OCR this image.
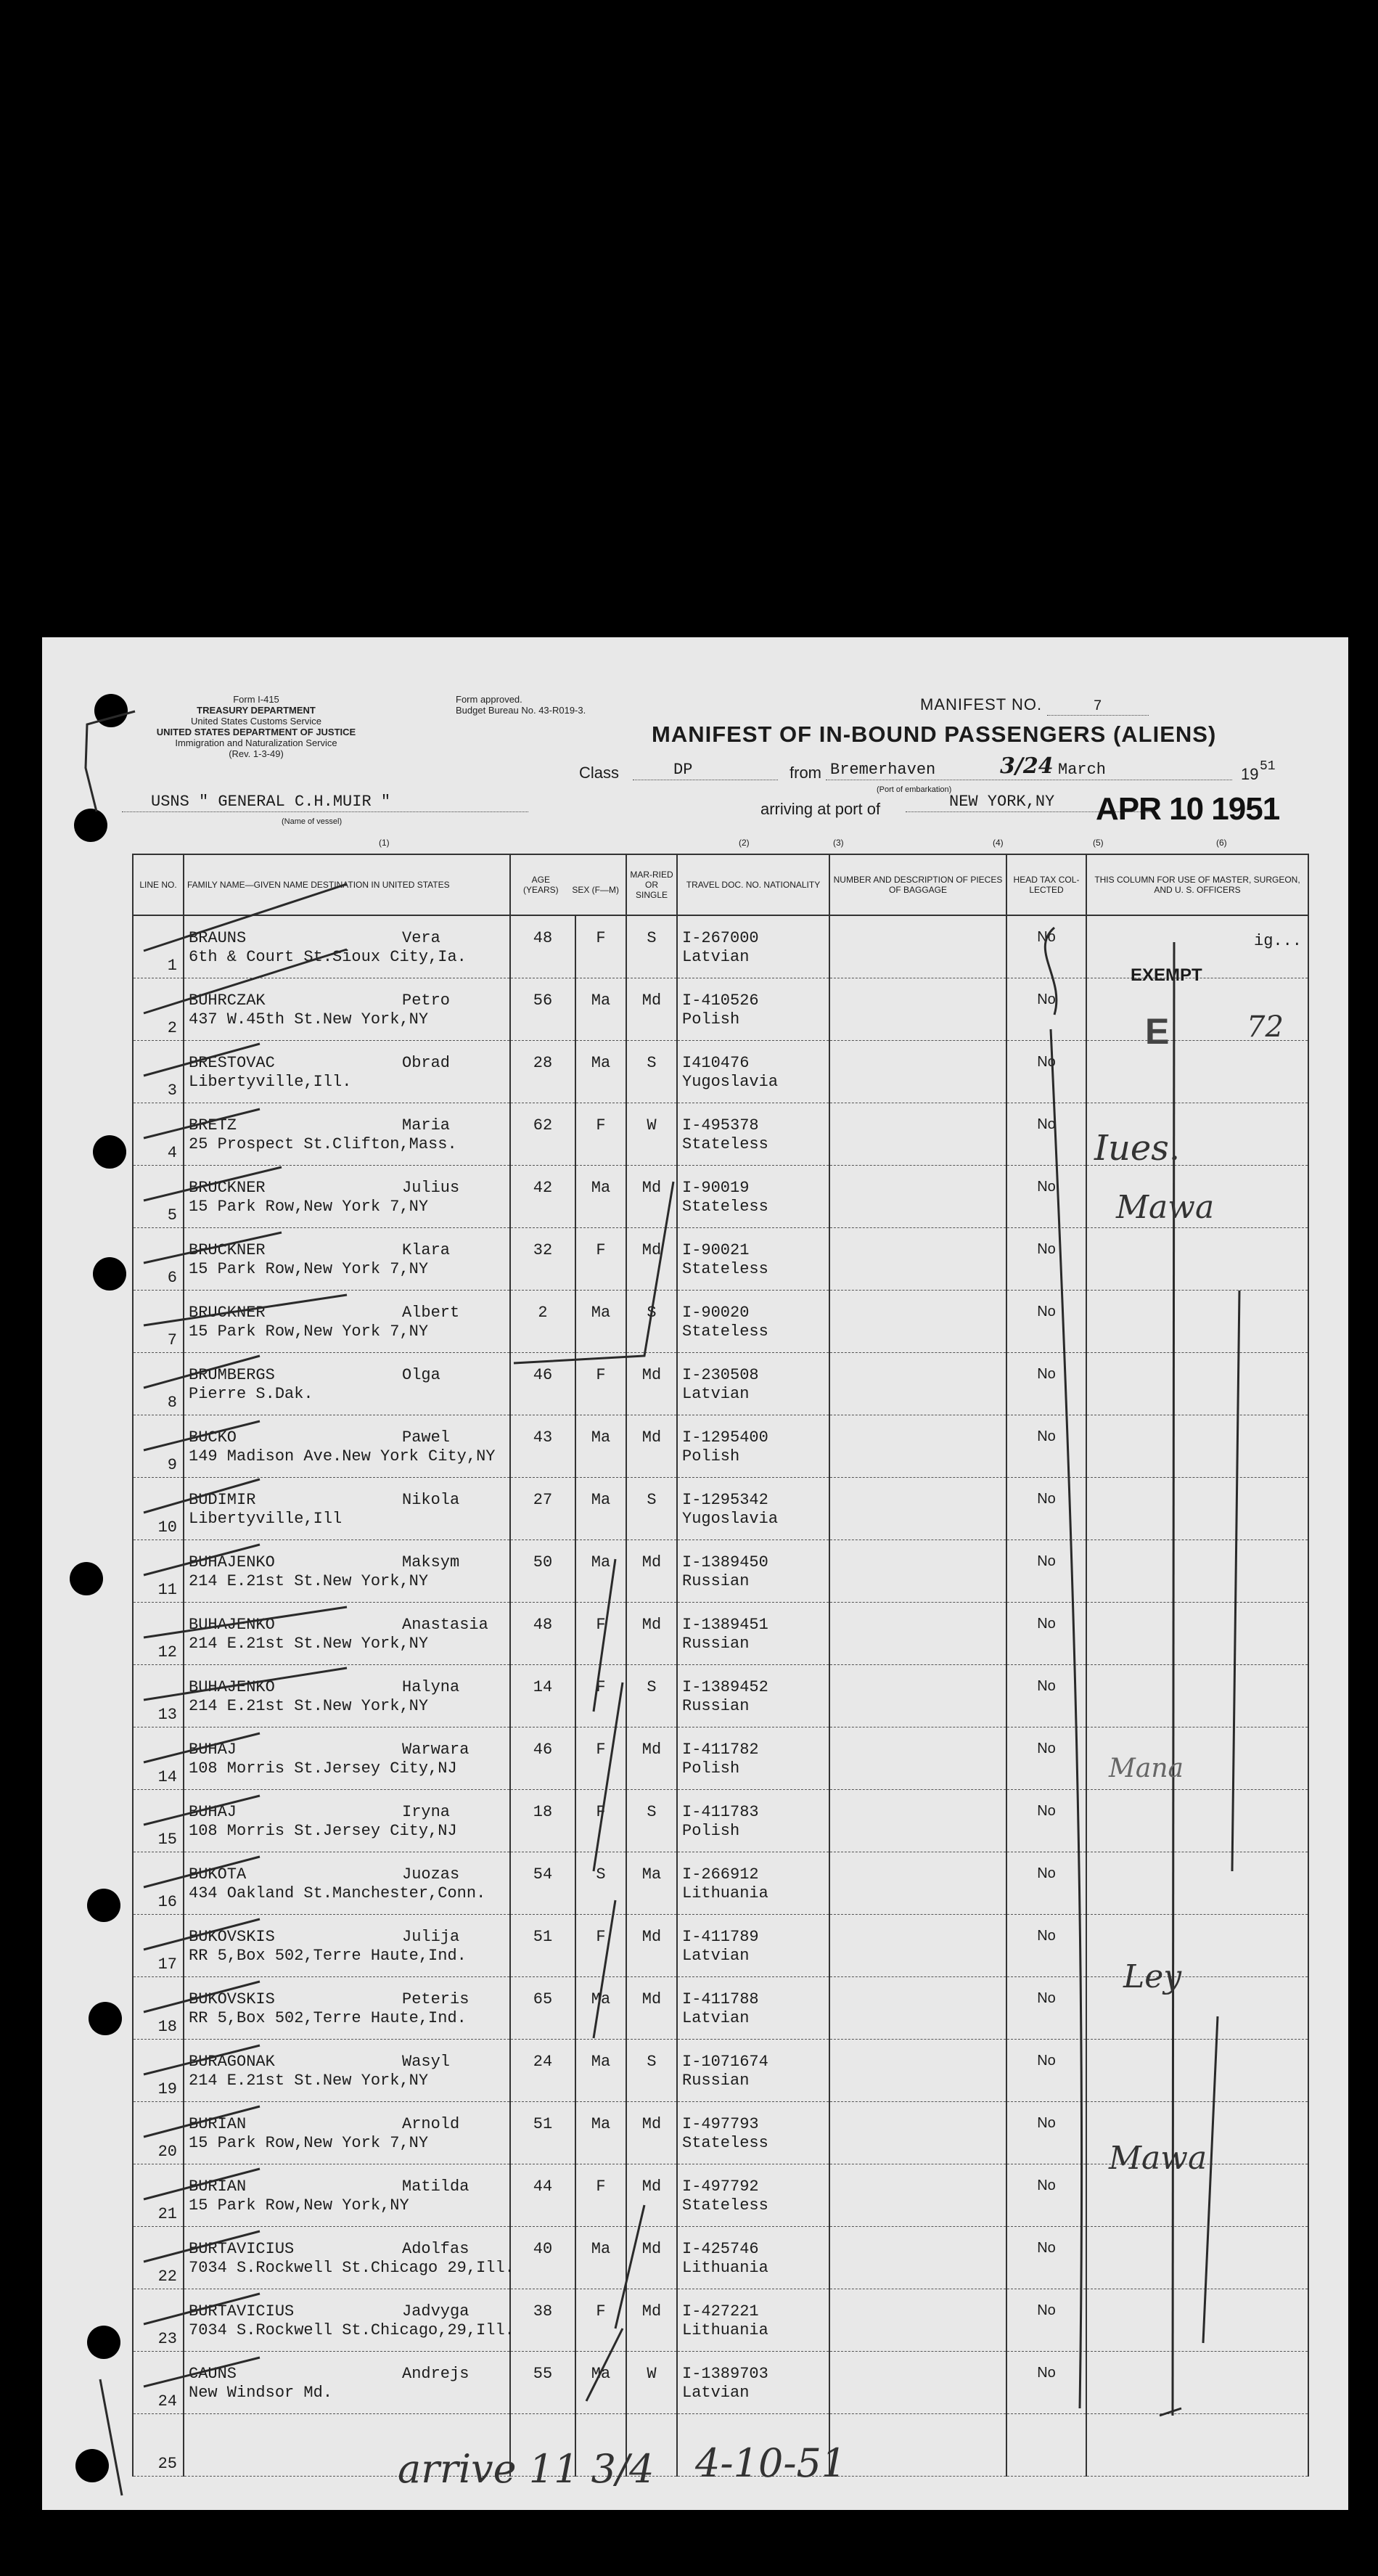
Form I-415
TREASURY DEPARTMENT
United States Customs Service
UNITED STATES DEPARTMENT OF JUSTICE
Immigration and Naturalization Service
(Rev. 1-3-49)
Form approved.
Budget Bureau No. 43-R019-3.	MANIFEST NO.	7
MANIFEST OF IN-BOUND PASSENGERS (ALIENS)
Class	DP	from Bremerhaven	3/24 March	19 51
(Port of embarkation)
USNS " GENERAL C.H.MUIR "
(Name of vessel)
arriving at port of	NEW YORK,NY APR 10 1951
(1)	(2)	(3)	(4)	(5)	(6)
LINE NO.	FAMILY NAME—GIVEN NAME DESTINATION IN UNITED STATES	AGE (YEARS) SEX (F—M)		MAR-RIED OR SINGLE	TRAVEL DOC. NO. NATIONALITY	NUMBER AND DESCRIPTION OF PIECES OF BAGGAGE	HEAD TAX COL-LECTED	THIS COLUMN FOR USE OF MASTER, SURGEON, AND U. S. OFFICERS

1	BRAUNS Vera
6th & Court St.Sioux City,Ia.	48	F	S	I-267000
Latvian		No	

2	BUHRCZAK Petro
437 W.45th St.New York,NY	56	Ma	Md	I-410526
Polish		No	

3	BRESTOVAC Obrad
Libertyville,Ill.	28	Ma	S	I410476
Yugoslavia		No	

4	BRETZ Maria
25 Prospect St.Clifton,Mass.	62	F	W	I-495378
Stateless		No	

5	BRUCKNER Julius
15 Park Row,New York 7,NY	42	Ma	Md	I-90019
Stateless		No	

6	BRUCKNER Klara
15 Park Row,New York 7,NY	32	F	Md	I-90021
Stateless		No	

7	BRUCKNER Albert
15 Park Row,New York 7,NY	2	Ma	S	I-90020
Stateless		No	

8	BRUMBERGS Olga
Pierre S.Dak.	46	F	Md	I-230508
Latvian		No	

9	BUCKO Pawel
149 Madison Ave.New York City,NY	43	Ma	Md	I-1295400
Polish		No	

10	BUDIMIR Nikola
Libertyville,Ill	27	Ma	S	I-1295342
Yugoslavia		No	

11	BUHAJENKO Maksym
214 E.21st St.New York,NY	50	Ma	Md	I-1389450
Russian		No	

12	BUHAJENKO Anastasia
214 E.21st St.New York,NY	48	F	Md	I-1389451
Russian		No	

13	BUHAJENKO Halyna
214 E.21st St.New York,NY	14	F	S	I-1389452
Russian		No	

14	BUHAJ Warwara
108 Morris St.Jersey City,NJ	46	F	Md	I-411782
Polish		No	

15	BUHAJ Iryna
108 Morris St.Jersey City,NJ	18	F	S	I-411783
Polish		No	

16	BUKOTA Juozas
434 Oakland St.Manchester,Conn.	54	S	Ma	I-266912
Lithuania		No	

17	BUKOVSKIS Julija
RR 5,Box 502,Terre Haute,Ind.	51	F	Md	I-411789
Latvian		No	

18	BUKOVSKIS Peteris
RR 5,Box 502,Terre Haute,Ind.	65	Ma	Md	I-411788
Latvian		No	

19	BURAGONAK Wasyl
214 E.21st St.New York,NY	24	Ma	S	I-1071674
Russian		No	

20	BURIAN Arnold
15 Park Row,New York 7,NY	51	Ma	Md	I-497793
Stateless		No	

21	BURIAN Matilda
15 Park Row,New York,NY	44	F	Md	I-497792
Stateless		No	

22	BURTAVICIUS Adolfas
7034 S.Rockwell St.Chicago 29,Ill.	40	Ma	Md	I-425746
Lithuania		No	

23	BURTAVICIUS Jadvyga
7034 S.Rockwell St.Chicago,29,Ill.	38	F	Md	I-427221
Lithuania		No	

24	CAUNS Andrejs
New Windsor Md.	55	Ma	W	I-1389703
Latvian		No	

25								

ig...
EXEMPT
Iues.
Mawa
Mana
Ley
Mawa
E	72
arrive 11 3/4 4-10-51
